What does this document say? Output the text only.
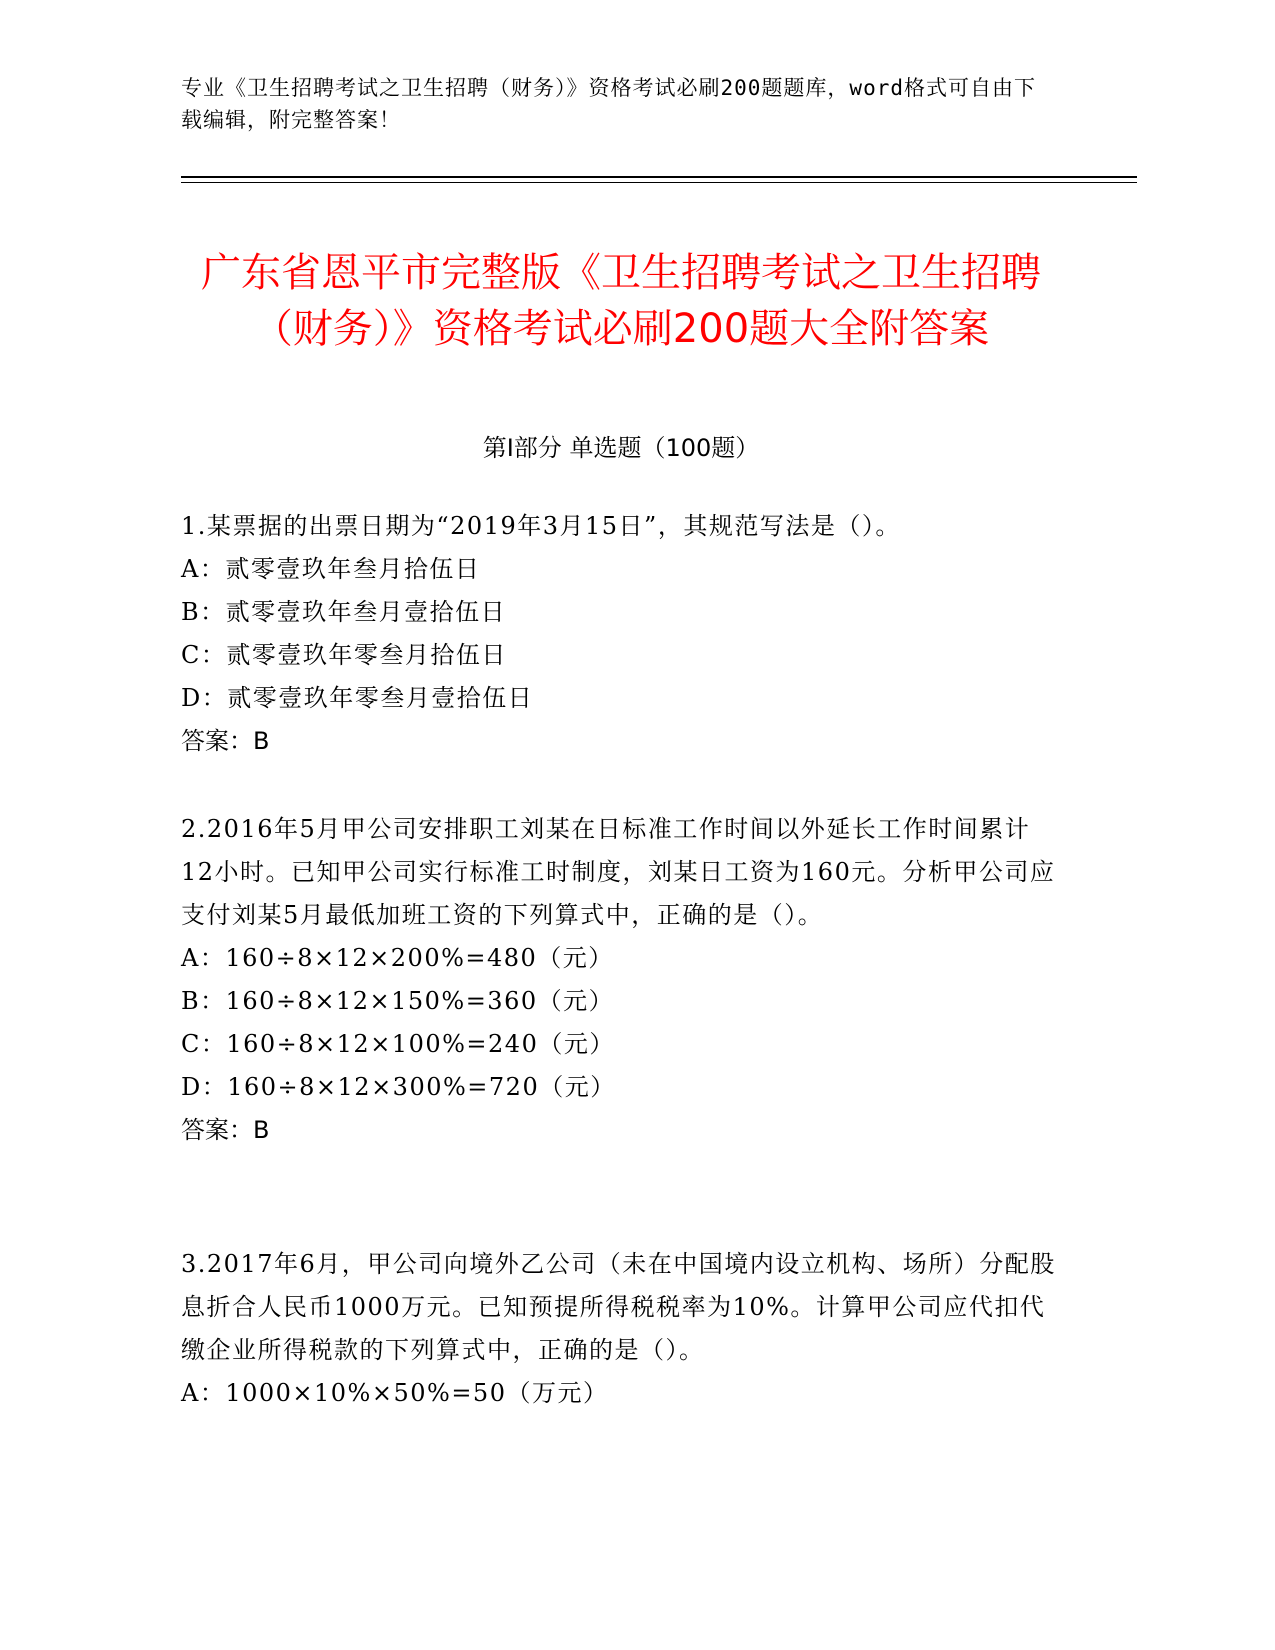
专业《卫生招聘考试之卫生招聘（财务）》资格考试必刷200题题库，word格式可自由下载编辑，附完整答案！
广东省恩平市完整版《卫生招聘考试之卫生招聘（财务）》资格考试必刷200题大全附答案
第Ⅰ部分 单选题（100题）
1.某票据的出票日期为“2019年3月15日”，其规范写法是（）。
A：贰零壹玖年叁月拾伍日
B：贰零壹玖年叁月壹拾伍日
C：贰零壹玖年零叁月拾伍日
D：贰零壹玖年零叁月壹拾伍日
答案：B
2.2016年5月甲公司安排职工刘某在日标准工作时间以外延长工作时间累计12小时。已知甲公司实行标准工时制度，刘某日工资为160元。分析甲公司应支付刘某5月最低加班工资的下列算式中，正确的是（）。
A：160÷8×12×200%=480（元）
B：160÷8×12×150%=360（元）
C：160÷8×12×100%=240（元）
D：160÷8×12×300%=720（元）
答案：B
3.2017年6月，甲公司向境外乙公司（未在中国境内设立机构、场所）分配股息折合人民币1000万元。已知预提所得税税率为10%。计算甲公司应代扣代缴企业所得税款的下列算式中，正确的是（）。
A：1000×10%×50%=50（万元）
